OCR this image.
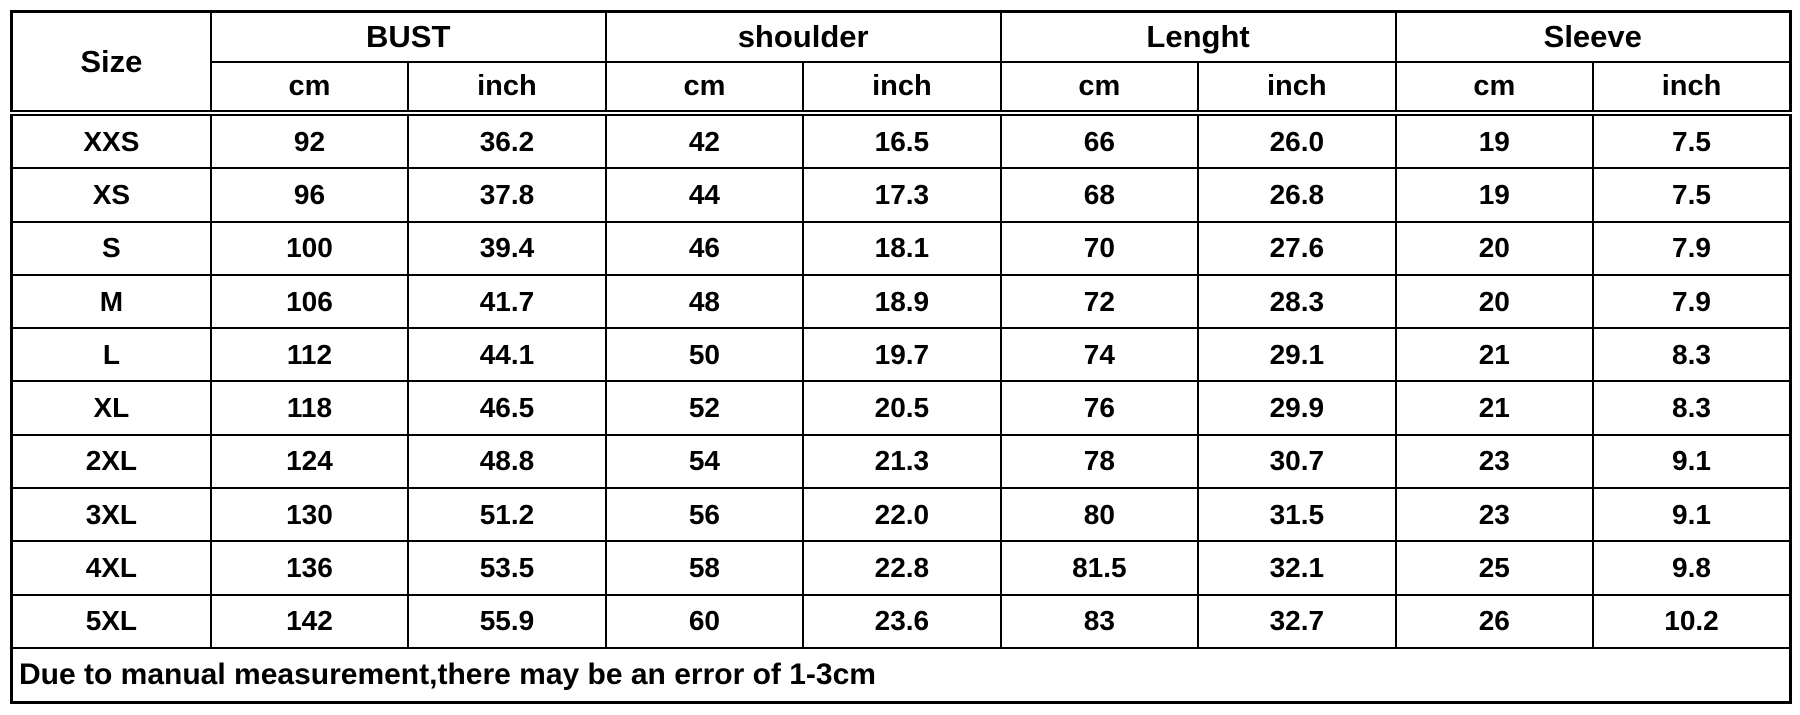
Size	BUST		shoulder		Lenght		Sleeve	
	cm	inch	cm	inch	cm	inch	cm	inch
XXS	92	36.2	42	16.5	66	26.0	19	7.5
XS	96	37.8	44	17.3	68	26.8	19	7.5
S	100	39.4	46	18.1	70	27.6	20	7.9
M	106	41.7	48	18.9	72	28.3	20	7.9
L	112	44.1	50	19.7	74	29.1	21	8.3
XL	118	46.5	52	20.5	76	29.9	21	8.3
2XL	124	48.8	54	21.3	78	30.7	23	9.1
3XL	130	51.2	56	22.0	80	31.5	23	9.1
4XL	136	53.5	58	22.8	81.5	32.1	25	9.8
5XL	142	55.9	60	23.6	83	32.7	26	10.2
Due to manual measurement,there may be an error of 1-3cm								
